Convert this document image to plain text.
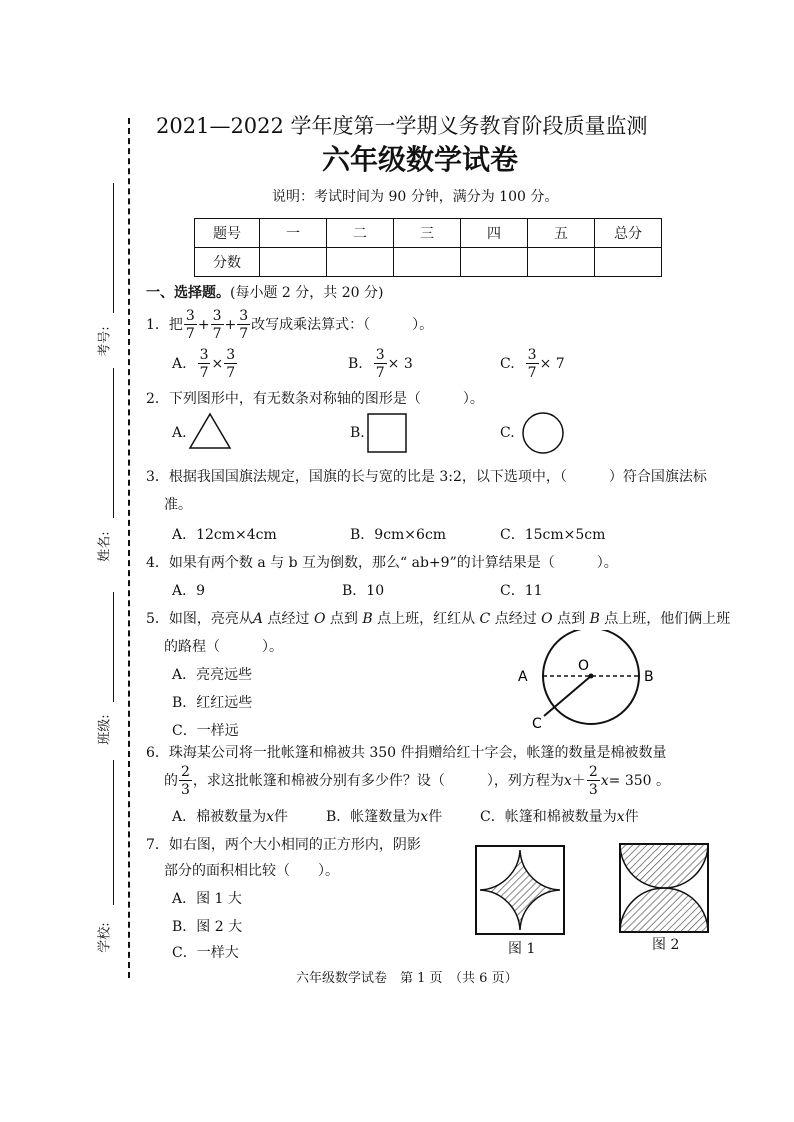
考号:
姓名:
班级:
学校:
2021—2022 学年度第一学期义务教育阶段质量监测
六年级数学试卷
说明：考试时间为 90 分钟，满分为 100 分。
题号	一	二	三	四	五	总分
分数						
一、选择题。(每小题 2 分，共 20 分)
1．把 $\frac{3}{7} + \frac{3}{7} + \frac{3}{7}$ 改写成乘法算式：（　　　）。
A. $\frac{3}{7} \times \frac{3}{7}$	B. $\frac{3}{7} \times 3$	C. $\frac{3}{7} \times 7$
2．下列图形中，有无数条对称轴的图形是（　　　）。
A.	B.	C.
3．根据我国国旗法规定，国旗的长与宽的比是 3:2，以下选项中，（　　　）符合国旗法标
准。
A．12cm×4cm	B．9cm×6cm	C．15cm×5cm
4．如果有两个数 a 与 b 互为倒数，那么“ ab+9”的计算结果是（　　　）。
A．9	B．10	C．11
5．如图，亮亮从A 点经过 O 点到 B 点上班，红红从 C 点经过 O 点到 B 点上班，他们俩上班
的路程（　　　）。
A．亮亮远些
B．红红远些
C．一样远
O
A	B
C
6．珠海某公司将一批帐篷和棉被共 350 件捐赠给红十字会，帐篷的数量是棉被数量
的 $\frac{2}{3}$ ，求这批帐篷和棉被分别有多少件？设（　　　），列方程为 $x + \frac{2}{3}$ x = 350 。
A．棉被数量为x件	B．帐篷数量为x件	C．帐篷和棉被数量为x件
7．如右图，两个大小相同的正方形内，阴影
部分的面积相比较（　　）。
A．图 1 大
B．图 2 大
C．一样大	图 1	图 2
六年级数学试卷　第 1 页　（共 6 页）
